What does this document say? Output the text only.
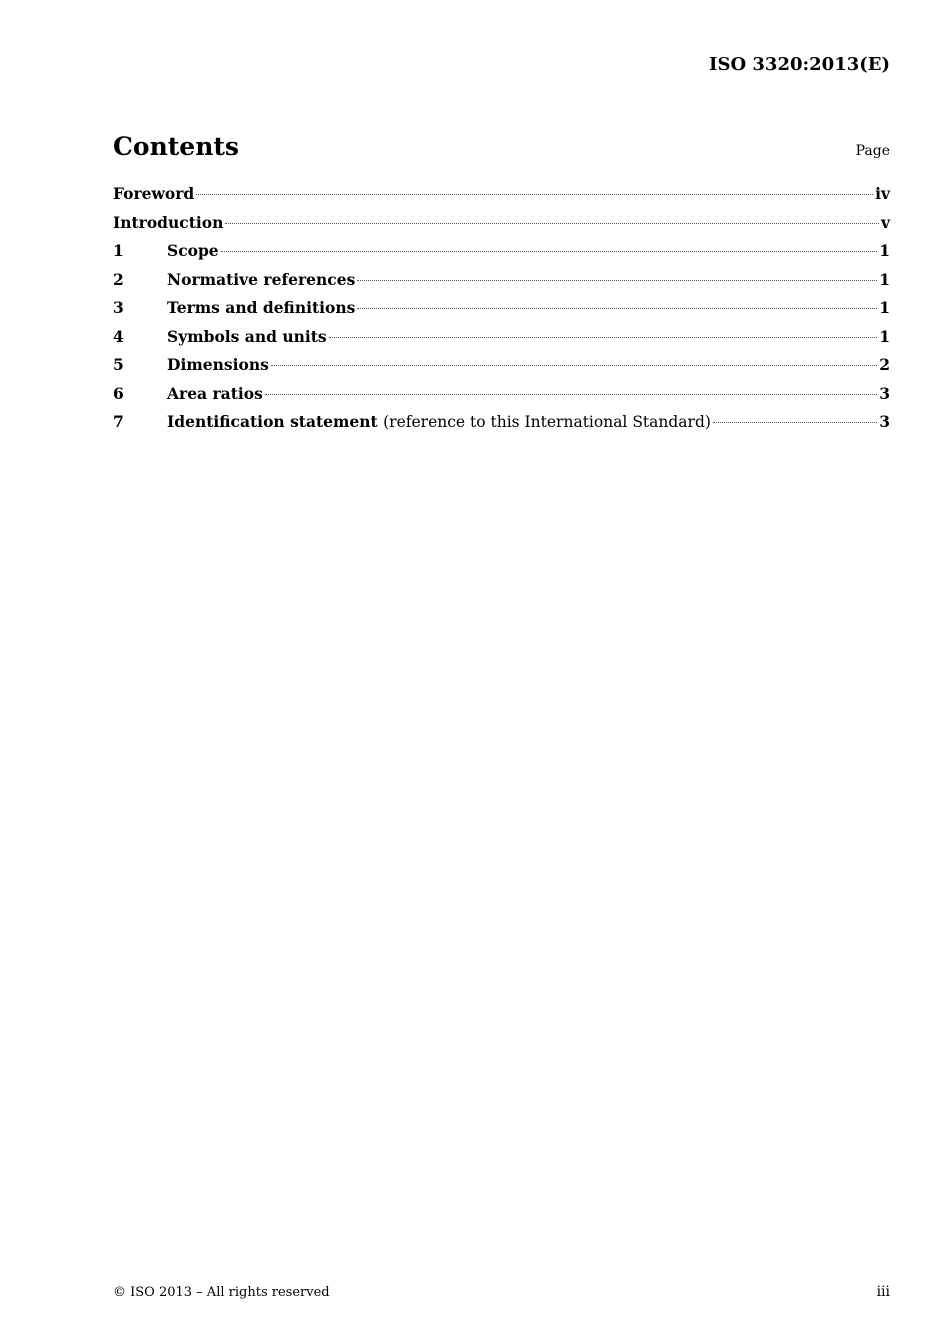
ISO 3320:2013(E)
Contents	Page
Foreword	iv
Introduction	v
1	Scope	1
2	Normative references	1
3	Terms and definitions	1
4	Symbols and units	1
5	Dimensions	2
6	Area ratios	3
7	Identification statement (reference to this International Standard)	3
© ISO 2013 – All rights reserved	iii
